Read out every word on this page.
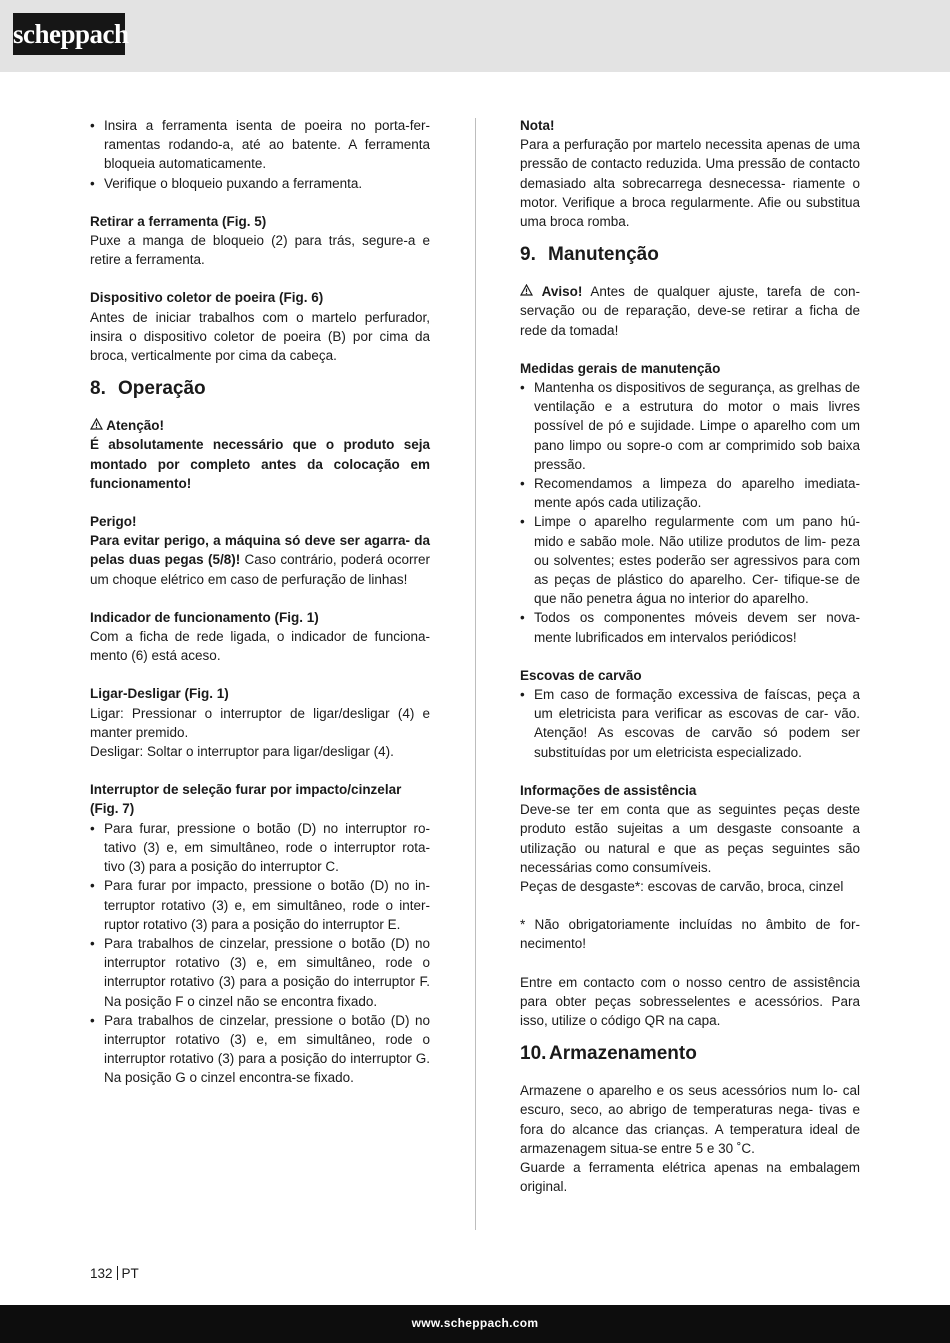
scheppach
• Insira a ferramenta isenta de poeira no porta-fer- ramentas rodando-a, até ao batente. A ferramenta bloqueia automaticamente.
• Verifique o bloqueio puxando a ferramenta.

Retirar a ferramenta (Fig. 5)

Puxe a manga de bloqueio (2) para trás, segure-a e retire a ferramenta.

Dispositivo coletor de poeira (Fig. 6)

Antes de iniciar trabalhos com o martelo perfurador, insira o dispositivo coletor de poeira (B) por cima da broca, verticalmente por cima da cabeça.

8. Operação

Atenção!

É absolutamente necessário que o produto seja montado por completo antes da colocação em funcionamento!

Perigo!

Para evitar perigo, a máquina só deve ser agarra- da pelas duas pegas (5/8)! Caso contrário, poderá ocorrer um choque elétrico em caso de perfuração de linhas!

Indicador de funcionamento (Fig. 1)

Com a ficha de rede ligada, o indicador de funciona- mento (6) está aceso.

Ligar-Desligar (Fig. 1)

Ligar: Pressionar o interruptor de ligar/desligar (4) e manter premido.

Desligar: Soltar o interruptor para ligar/desligar (4).

Interruptor de seleção furar por impacto/cinzelar (Fig. 7)

• Para furar, pressione o botão (D) no interruptor ro- tativo (3) e, em simultâneo, rode o interruptor rota- tivo (3) para a posição do interruptor C.
• Para furar por impacto, pressione o botão (D) no in- terruptor rotativo (3) e, em simultâneo, rode o inter- ruptor rotativo (3) para a posição do interruptor E.
• Para trabalhos de cinzelar, pressione o botão (D) no interruptor rotativo (3) e, em simultâneo, rode o interruptor rotativo (3) para a posição do interruptor F. Na posição F o cinzel não se encontra fixado.
• Para trabalhos de cinzelar, pressione o botão (D) no interruptor rotativo (3) e, em simultâneo, rode o interruptor rotativo (3) para a posição do interruptor G. Na posição G o cinzel encontra-se fixado.

Nota!

Para a perfuração por martelo necessita apenas de uma pressão de contacto reduzida. Uma pressão de contacto demasiado alta sobrecarrega desnecessa- riamente o motor. Verifique a broca regularmente. Afie ou substitua uma broca romba.

9. Manutenção

Aviso! Antes de qualquer ajuste, tarefa de con- servação ou de reparação, deve-se retirar a ficha de rede da tomada!

Medidas gerais de manutenção

• Mantenha os dispositivos de segurança, as grelhas de ventilação e a estrutura do motor o mais livres possível de pó e sujidade. Limpe o aparelho com um pano limpo ou sopre-o com ar comprimido sob baixa pressão.
• Recomendamos a limpeza do aparelho imediata- mente após cada utilização.
• Limpe o aparelho regularmente com um pano hú- mido e sabão mole. Não utilize produtos de lim- peza ou solventes; estes poderão ser agressivos para com as peças de plástico do aparelho. Cer- tifique-se de que não penetra água no interior do aparelho.
• Todos os componentes móveis devem ser nova- mente lubrificados em intervalos periódicos!

Escovas de carvão

• Em caso de formação excessiva de faíscas, peça a um eletricista para verificar as escovas de car- vão. Atenção! As escovas de carvão só podem ser substituídas por um eletricista especializado.

Informações de assistência

Deve-se ter em conta que as seguintes peças deste produto estão sujeitas a um desgaste consoante a utilização ou natural e que as peças seguintes são necessárias como consumíveis.

Peças de desgaste*: escovas de carvão, broca, cinzel

* Não obrigatoriamente incluídas no âmbito de for- necimento!

Entre em contacto com o nosso centro de assistência para obter peças sobresselentes e acessórios. Para isso, utilize o código QR na capa.

10. Armazenamento

Armazene o aparelho e os seus acessórios num lo- cal escuro, seco, ao abrigo de temperaturas nega- tivas e fora do alcance das crianças. A temperatura ideal de armazenagem situa-se entre 5 e 30 ˚C.

Guarde a ferramenta elétrica apenas na embalagem original.

132 PT
www.scheppach.com
